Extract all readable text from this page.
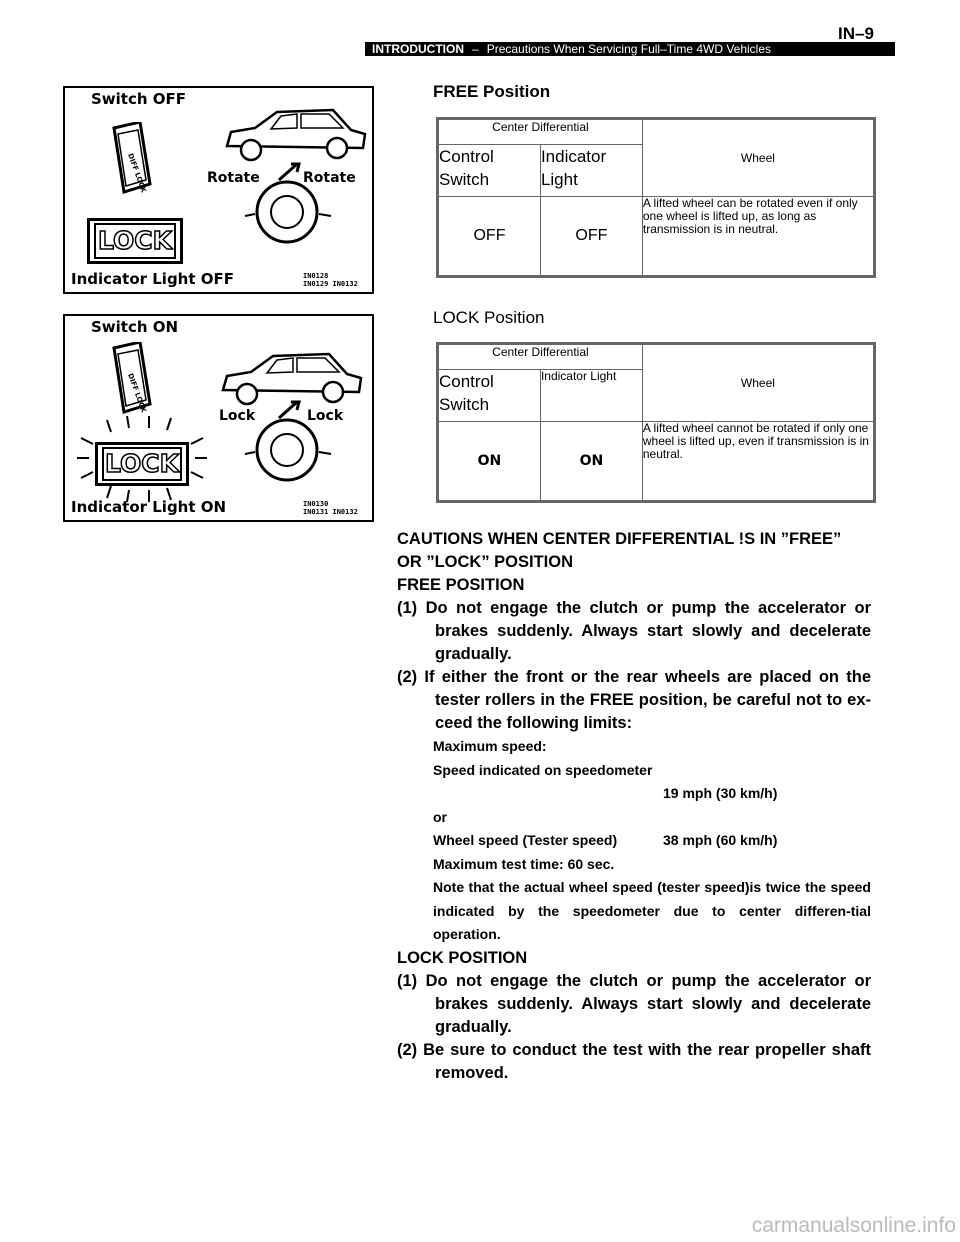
INTRODUCTION – Precautions When Servicing Full–Time 4WD Vehicles
IN–9
Switch OFF
DIFF LOCK
LOCK
Rotate	Rotate
Indicator Light OFF	IN0128
IN0129 IN0132
Switch ON
DIFF LOCK
LOCK
Lock	Lock
Indicator Light ON	IN0130
IN0131 IN0132
FREE Position
Center Differential		Wheel
Control Switch	Indicator Light	
OFF	OFF	A lifted wheel can be rotated even if only one wheel is lifted up, as long as transmission is in neutral.
LOCK Position
Center Differential		Wheel
Control Switch	Indicator Light	
ON	ON	A lifted wheel cannot be rotated if only one wheel is lifted up, even if transmission is in neutral.

CAUTIONS WHEN CENTER DIFFERENTIAL !S IN ”FREE”

OR ”LOCK” POSITION

FREE POSITION

(1) Do not engage the clutch or pump the accelerator or brakes suddenly. Always start slowly and decelerate gradually.

(2) If either the front or the rear wheels are placed on the tester rollers in the FREE position, be careful not to ex-ceed the following limits:

Maximum speed:

Speed indicated on speedometer

19 mph (30 km/h)

or

Wheel speed (Tester speed)	38 mph (60 km/h)

Maximum test time: 60 sec.

Note that the actual wheel speed (tester speed)is twice the speed indicated by the speedometer due to center differen-tial operation.

LOCK POSITION

(1) Do not engage the clutch or pump the accelerator or brakes suddenly. Always start slowly and decelerate gradually.

(2) Be sure to conduct the test with the rear propeller shaft removed.

carmanualsonline.info
